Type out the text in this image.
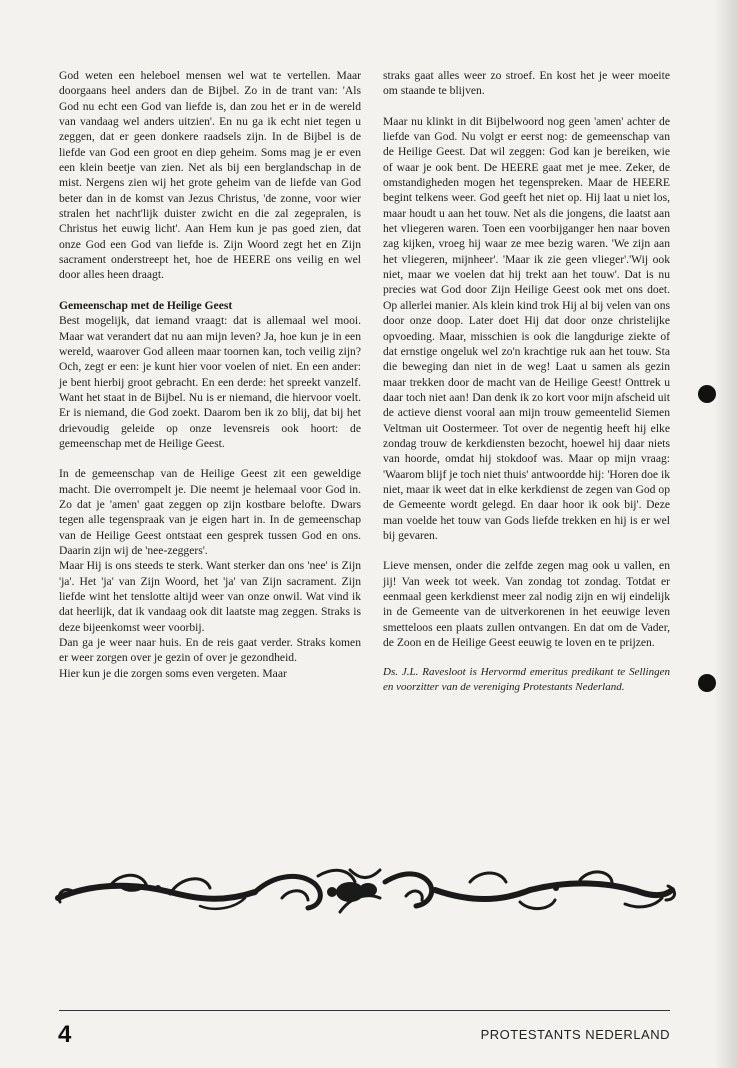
God weten een heleboel mensen wel wat te vertellen. Maar doorgaans heel anders dan de Bijbel. Zo in de trant van: 'Als God nu echt een God van liefde is, dan zou het er in de wereld van vandaag wel anders uitzien'. En nu ga ik echt niet tegen u zeggen, dat er geen donkere raadsels zijn. In de Bijbel is de liefde van God een groot en diep geheim. Soms mag je er even een klein beetje van zien. Net als bij een berglandschap in de mist. Nergens zien wij het grote geheim van de liefde van God beter dan in de komst van Jezus Christus, 'de zonne, voor wier stralen het nacht'lijk duister zwicht en die zal zegepralen, is Christus het euwig licht'. Aan Hem kun je pas goed zien, dat onze God een God van liefde is. Zijn Woord zegt het en Zijn sacrament onderstreept het, hoe de HEERE ons veilig en wel door alles heen draagt.

Gemeenschap met de Heilige Geest

Best mogelijk, dat iemand vraagt: dat is allemaal wel mooi. Maar wat verandert dat nu aan mijn leven? Ja, hoe kun je in een wereld, waarover God alleen maar toornen kan, toch veilig zijn? Och, zegt er een: je kunt hier voor voelen of niet. En een ander: je bent hierbij groot gebracht. En een derde: het spreekt vanzelf. Want het staat in de Bijbel. Nu is er niemand, die hiervoor voelt. Er is niemand, die God zoekt. Daarom ben ik zo blij, dat bij het drievoudig geleide op onze levensreis ook hoort: de gemeenschap met de Heilige Geest.

In de gemeenschap van de Heilige Geest zit een geweldige macht. Die overrompelt je. Die neemt je helemaal voor God in. Zo dat je 'amen' gaat zeggen op zijn kostbare belofte. Dwars tegen alle tegenspraak van je eigen hart in. In de gemeenschap van de Heilige Geest ontstaat een gesprek tussen God en ons. Daarin zijn wij de 'nee-zeggers'.

Maar Hij is ons steeds te sterk. Want sterker dan ons 'nee' is Zijn 'ja'. Het 'ja' van Zijn Woord, het 'ja' van Zijn sacrament. Zijn liefde wint het tenslotte altijd weer van onze onwil. Wat vind ik dat heerlijk, dat ik vandaag ook dit laatste mag zeggen. Straks is deze bijeenkomst weer voorbij.

Dan ga je weer naar huis. En de reis gaat verder. Straks komen er weer zorgen over je gezin of over je gezondheid.

Hier kun je die zorgen soms even vergeten. Maar

straks gaat alles weer zo stroef. En kost het je weer moeite om staande te blijven.

Maar nu klinkt in dit Bijbelwoord nog geen 'amen' achter de liefde van God. Nu volgt er eerst nog: de gemeenschap van de Heilige Geest. Dat wil zeggen: God kan je bereiken, wie of waar je ook bent. De HEERE gaat met je mee. Zeker, de omstandigheden mogen het tegenspreken. Maar de HEERE begint telkens weer. God geeft het niet op. Hij laat u niet los, maar houdt u aan het touw. Net als die jongens, die laatst aan het vliegeren waren. Toen een voorbijganger hen naar boven zag kijken, vroeg hij waar ze mee bezig waren. 'We zijn aan het vliegeren, mijnheer'. 'Maar ik zie geen vlieger'.'Wij ook niet, maar we voelen dat hij trekt aan het touw'. Dat is nu precies wat God door Zijn Heilige Geest ook met ons doet. Op allerlei manier. Als klein kind trok Hij al bij velen van ons door onze doop. Later doet Hij dat door onze christelijke opvoeding. Maar, misschien is ook die langdurige ziekte of dat ernstige ongeluk wel zo'n krachtige ruk aan het touw. Sta die beweging dan niet in de weg! Laat u samen als gezin maar trekken door de macht van de Heilige Geest! Onttrek u daar toch niet aan! Dan denk ik zo kort voor mijn afscheid uit de actieve dienst vooral aan mijn trouw gemeentelid Siemen Veltman uit Oostermeer. Tot over de negentig heeft hij elke zondag trouw de kerkdiensten bezocht, hoewel hij daar niets van hoorde, omdat hij stokdoof was. Maar op mijn vraag: 'Waarom blijf je toch niet thuis' antwoordde hij: 'Horen doe ik niet, maar ik weet dat in elke kerkdienst de zegen van God op de Gemeente wordt gelegd. En daar hoor ik ook bij'. Deze man voelde het touw van Gods liefde trekken en hij is er wel bij gevaren.

Lieve mensen, onder die zelfde zegen mag ook u vallen, en jij! Van week tot week. Van zondag tot zondag. Totdat er eenmaal geen kerkdienst meer zal nodig zijn en wij eindelijk in de Gemeente van de uitverkorenen in het eeuwige leven smetteloos een plaats zullen ontvangen. En dat om de Vader, de Zoon en de Heilige Geest eeuwig te loven en te prijzen.

Ds. J.L. Ravesloot is Hervormd emeritus predikant te Sellingen en voorzitter van de vereniging Protestants Nederland.

4	PROTESTANTS NEDERLAND
